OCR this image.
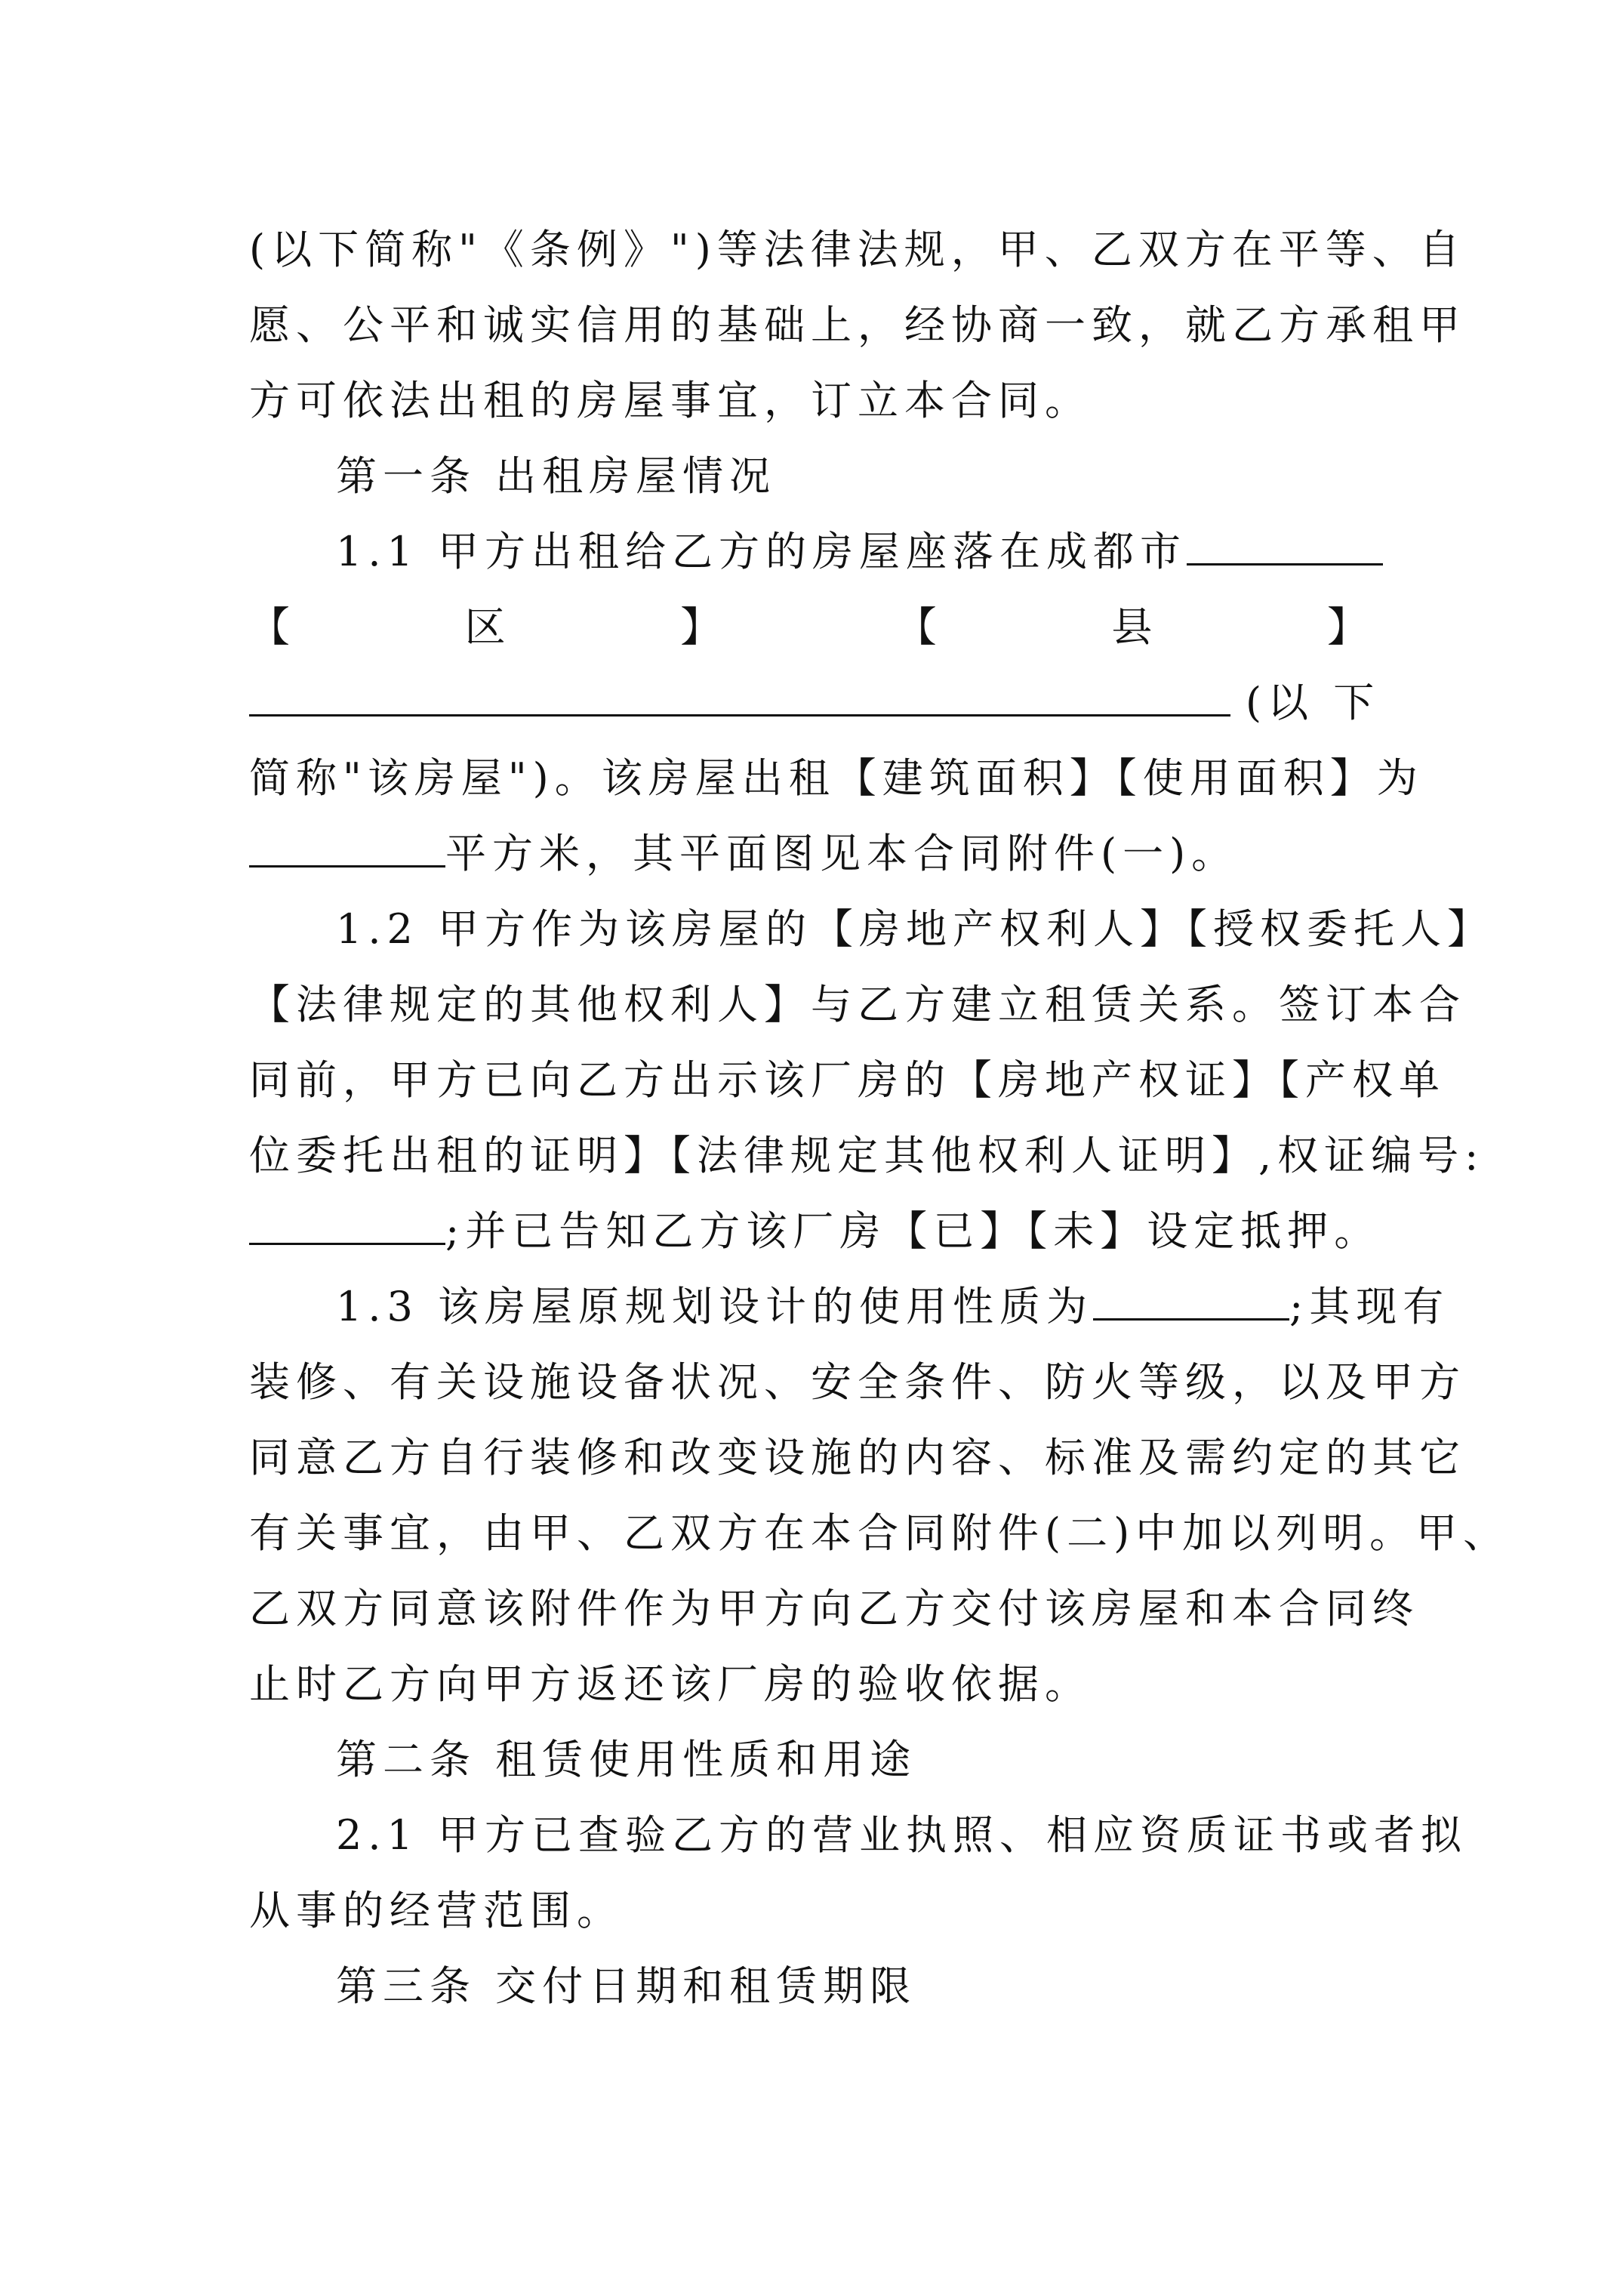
(以下简称"《条例》")等法律法规，甲、乙双方在平等、自
愿、公平和诚实信用的基础上，经协商一致，就乙方承租甲
方可依法出租的房屋事宜，订立本合同。
第一条 出租房屋情况
1.1 甲方出租给乙方的房屋座落在成都市
【	区	】	【	县	】
(以 下
简称"该房屋")。该房屋出租【建筑面积】【使用面积】为
平方米，其平面图见本合同附件(一)。
1.2 甲方作为该房屋的【房地产权利人】【授权委托人】
【法律规定的其他权利人】与乙方建立租赁关系。签订本合
同前，甲方已向乙方出示该厂房的【房地产权证】【产权单
位委托出租的证明】【法律规定其他权利人证明】,权证编号:
;并已告知乙方该厂房【已】【未】设定抵押。
1.3 该房屋原规划设计的使用性质为	;其现有
装修、有关设施设备状况、安全条件、防火等级，以及甲方
同意乙方自行装修和改变设施的内容、标准及需约定的其它
有关事宜，由甲、乙双方在本合同附件(二)中加以列明。甲、
乙双方同意该附件作为甲方向乙方交付该房屋和本合同终
止时乙方向甲方返还该厂房的验收依据。
第二条 租赁使用性质和用途
2.1 甲方已查验乙方的营业执照、相应资质证书或者拟
从事的经营范围。
第三条 交付日期和租赁期限
